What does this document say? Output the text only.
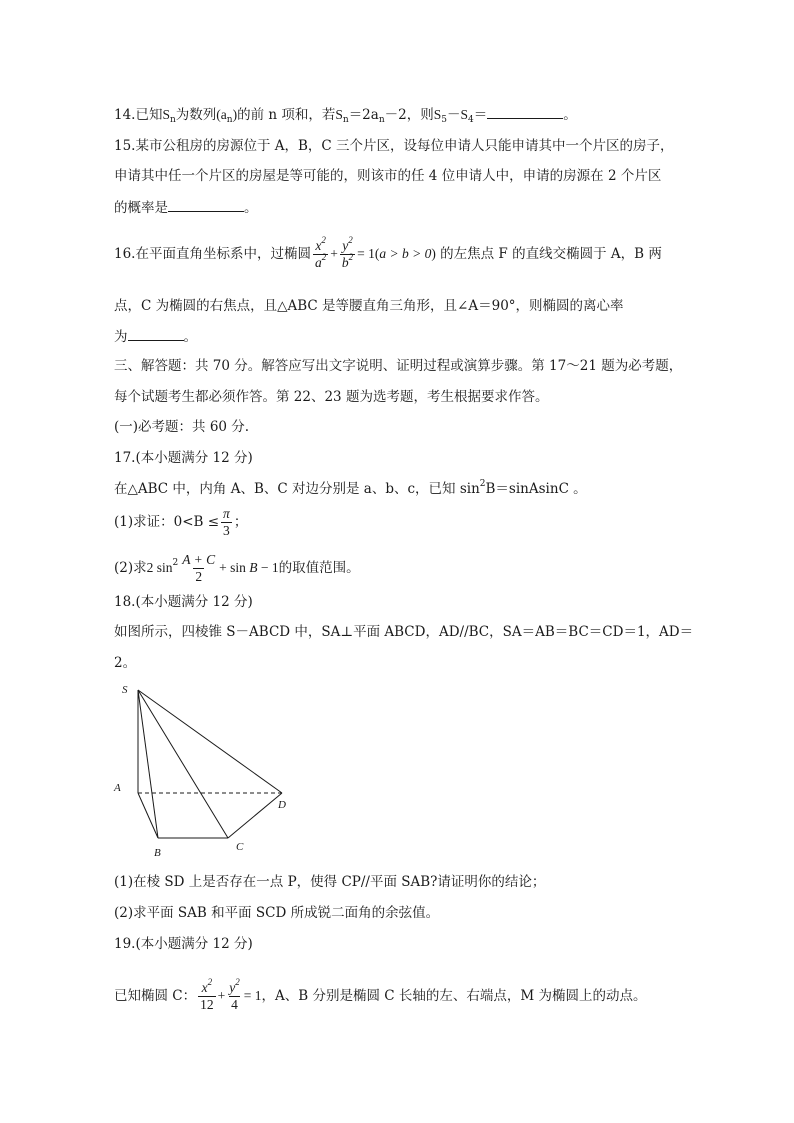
14.已知$S_n$为数列$(a_n)$的前 n 项和，若$S_n=2a_n-2$，则$S_5-S_4=$	。
15.某市公租房的房源位于 A，B，C 三个片区，设每位申请人只能申请其中一个片区的房子，
申请其中任一个片区的房屋是等可能的，则该市的任 4 位申请人中，申请的房源在 2 个片区
的概率是	。
16.在平面直角坐标系中，过椭圆 $\frac{x^2}{a^2} + \frac{y^2}{b^2} = 1(a > b > 0)$ 的左焦点 F 的直线交椭圆于 A，B 两
点，C 为椭圆的右焦点，且△ABC 是等腰直角三角形，且∠A＝90°，则椭圆的离心率
为	。
三、解答题：共 70 分。解答应写出文字说明、证明过程或演算步骤。第 17～21 题为必考题，
每个试题考生都必须作答。第 22、23 题为选考题，考生根据要求作答。
(一)必考题：共 60 分.
17.(本小题满分 12 分)
在△ABC 中，内角 A、B、C 对边分别是 a、b、c，已知 $\sin^2B=sinAsinC$ 。
(1)求证：$0<B \le \frac{\pi}{3}$ ；
(2)求2 $\sin^2 \frac{A + C}{2} + \sin B - 1$的取值范围。
18.(本小题满分 12 分)
如图所示，四棱锥 S－ABCD 中，SA⊥平面 ABCD，AD//BC，SA＝AB＝BC＝CD＝1，AD＝
2。
S
A
B	C
D
(1)在棱 SD 上是否存在一点 P，使得 CP//平面 SAB?请证明你的结论；
(2)求平面 SAB 和平面 SCD 所成锐二面角的余弦值。
19.(本小题满分 12 分)
已知椭圆 C： $\frac{x^2}{12} + \frac{y^2}{4} = 1$，A、B 分别是椭圆 C 长轴的左、右端点，M 为椭圆上的动点。
